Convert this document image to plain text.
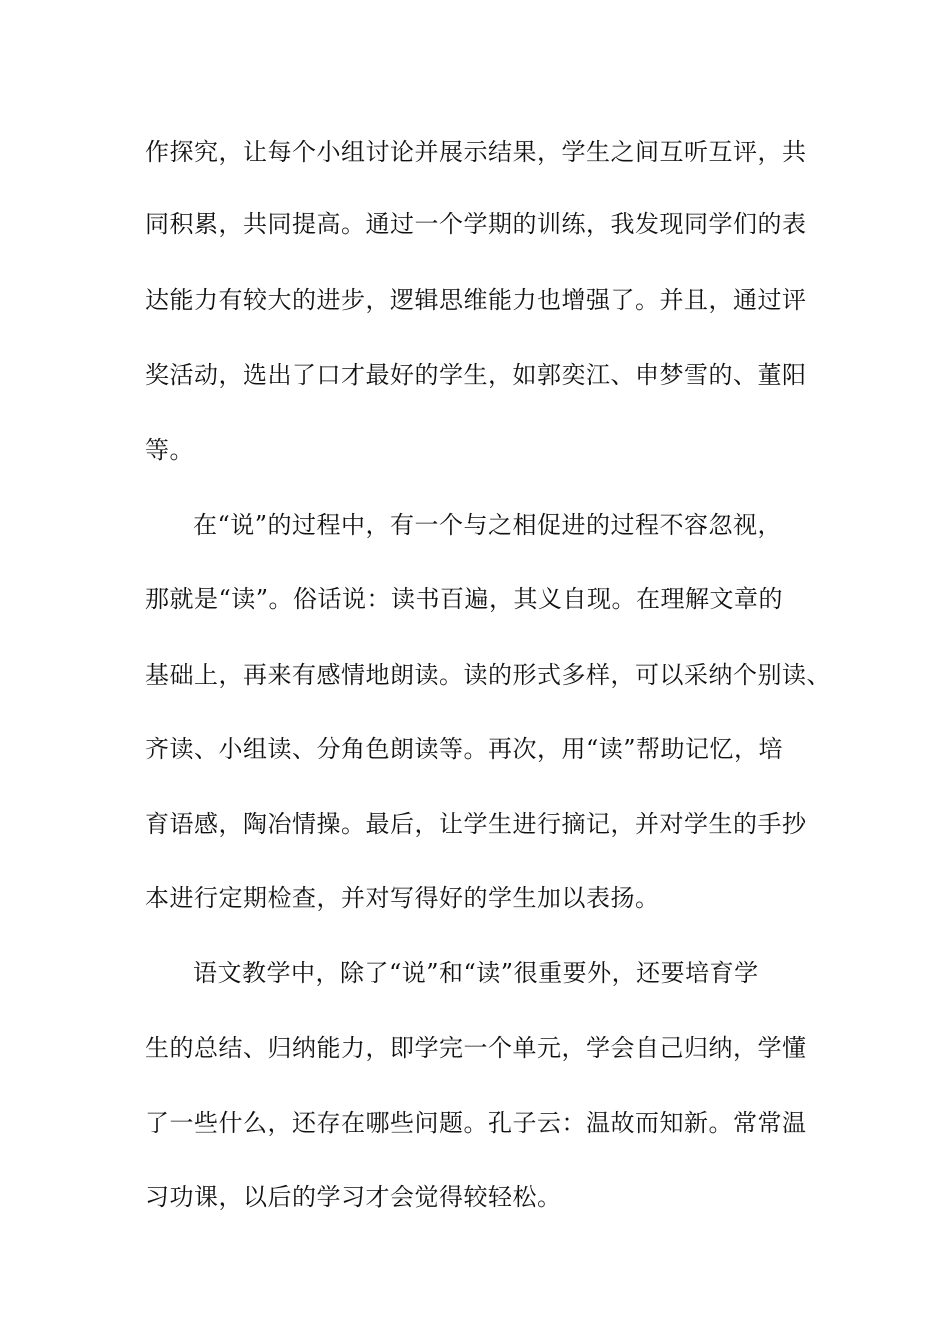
作探究，让每个小组讨论并展示结果，学生之间互听互评，共
同积累，共同提高。通过一个学期的训练，我发现同学们的表
达能力有较大的进步，逻辑思维能力也增强了。并且，通过评
奖活动，选出了口才最好的学生，如郭奕江、申梦雪的、董阳
等。
在“说”的过程中，有一个与之相促进的过程不容忽视，
那就是“读”。俗话说：读书百遍，其义自现。在理解文章的
基础上，再来有感情地朗读。读的形式多样，可以采纳个别读、
齐读、小组读、分角色朗读等。再次，用“读”帮助记忆，培
育语感，陶冶情操。最后，让学生进行摘记，并对学生的手抄
本进行定期检查，并对写得好的学生加以表扬。
语文教学中，除了“说”和“读”很重要外，还要培育学
生的总结、归纳能力，即学完一个单元，学会自己归纳，学懂
了一些什么，还存在哪些问题。孔子云：温故而知新。常常温
习功课，以后的学习才会觉得较轻松。
